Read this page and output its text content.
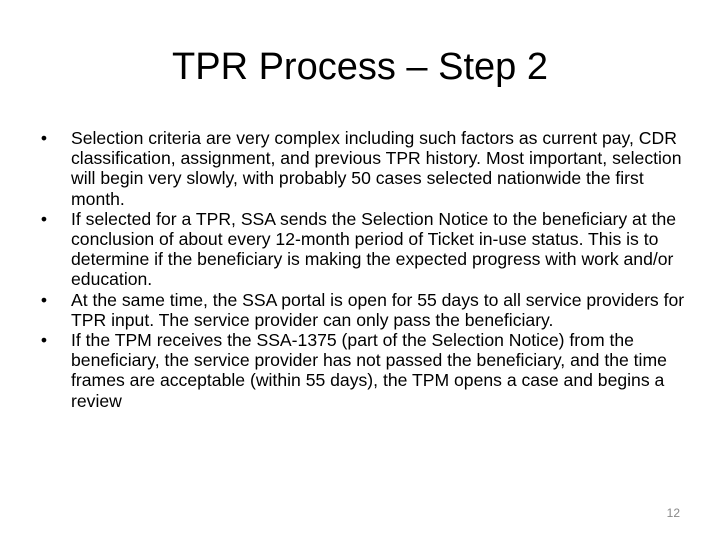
TPR Process – Step 2
• Selection criteria are very complex including such factors as current pay, CDR classification, assignment, and previous TPR history. Most important, selection will begin very slowly, with probably 50 cases selected nationwide the first month.
• If selected for a TPR, SSA sends the Selection Notice to the beneficiary at the conclusion of about every 12-month period of Ticket in-use status. This is to determine if the beneficiary is making the expected progress with work and/or education.
• At the same time, the SSA portal is open for 55 days to all service providers for TPR input. The service provider can only pass the beneficiary.
• If the TPM receives the SSA-1375 (part of the Selection Notice) from the beneficiary, the service provider has not passed the beneficiary, and the time frames are acceptable (within 55 days), the TPM opens a case and begins a review
12
